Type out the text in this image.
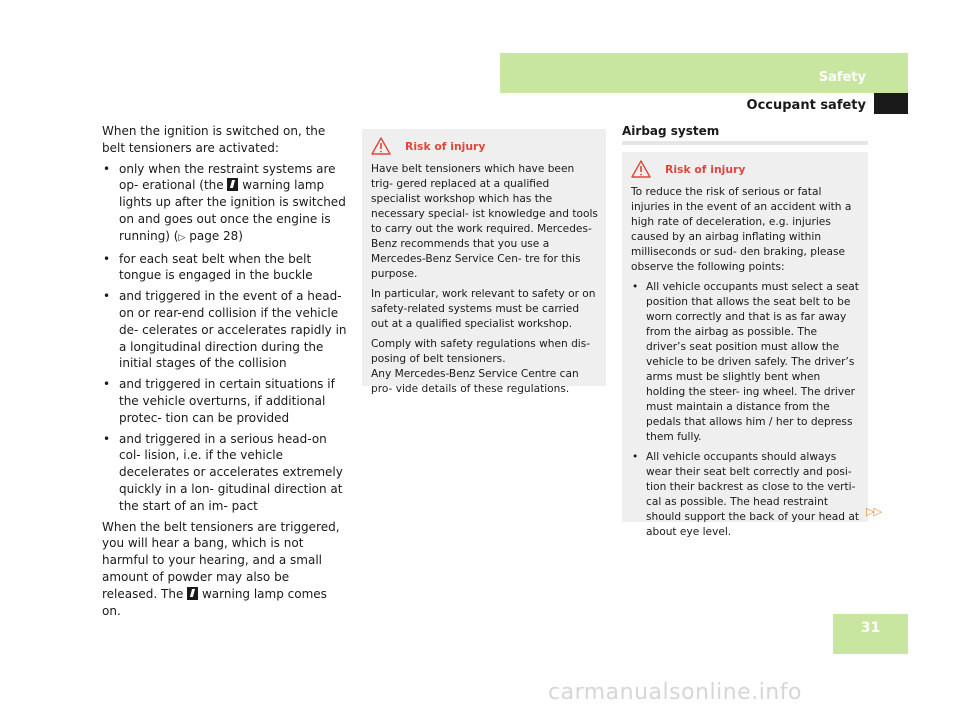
Safety
Occupant safety

When the ignition is switched on, the belt tensioners are activated:

• only when the restraint systems are op- erational (the warning lamp lights up after the ignition is switched on and goes out once the engine is running) (▷ page 28)
• for each seat belt when the belt tongue is engaged in the buckle
• and triggered in the event of a head-on or rear-end collision if the vehicle de- celerates or accelerates rapidly in a longitudinal direction during the initial stages of the collision
• and triggered in certain situations if the vehicle overturns, if additional protec- tion can be provided
• and triggered in a serious head-on col- lision, i.e. if the vehicle decelerates or accelerates extremely quickly in a lon- gitudinal direction at the start of an im- pact

When the belt tensioners are triggered, you will hear a bang, which is not harmful to your hearing, and a small amount of powder may also be released. The warning lamp comes on.

Risk of injury

Have belt tensioners which have been trig- gered replaced at a qualified specialist workshop which has the necessary special- ist knowledge and tools to carry out the work required. Mercedes-Benz recommends that you use a Mercedes-Benz Service Cen- tre for this purpose.

In particular, work relevant to safety or on safety-related systems must be carried out at a qualified specialist workshop.

Comply with safety regulations when dis- posing of belt tensioners.
Any Mercedes-Benz Service Centre can pro- vide details of these regulations.

Airbag system
Risk of injury

To reduce the risk of serious or fatal injuries in the event of an accident with a high rate of deceleration, e.g. injuries caused by an airbag inflating within milliseconds or sud- den braking, please observe the following points:

• All vehicle occupants must select a seat position that allows the seat belt to be worn correctly and that is as far away from the airbag as possible. The driver’s seat position must allow the vehicle to be driven safely. The driver’s arms must be slightly bent when holding the steer- ing wheel. The driver must maintain a distance from the pedals that allows him / her to depress them fully.
• All vehicle occupants should always wear their seat belt correctly and posi- tion their backrest as close to the verti- cal as possible. The head restraint should support the back of your head at about eye level.
▷▷
31
carmanualsonline.info
